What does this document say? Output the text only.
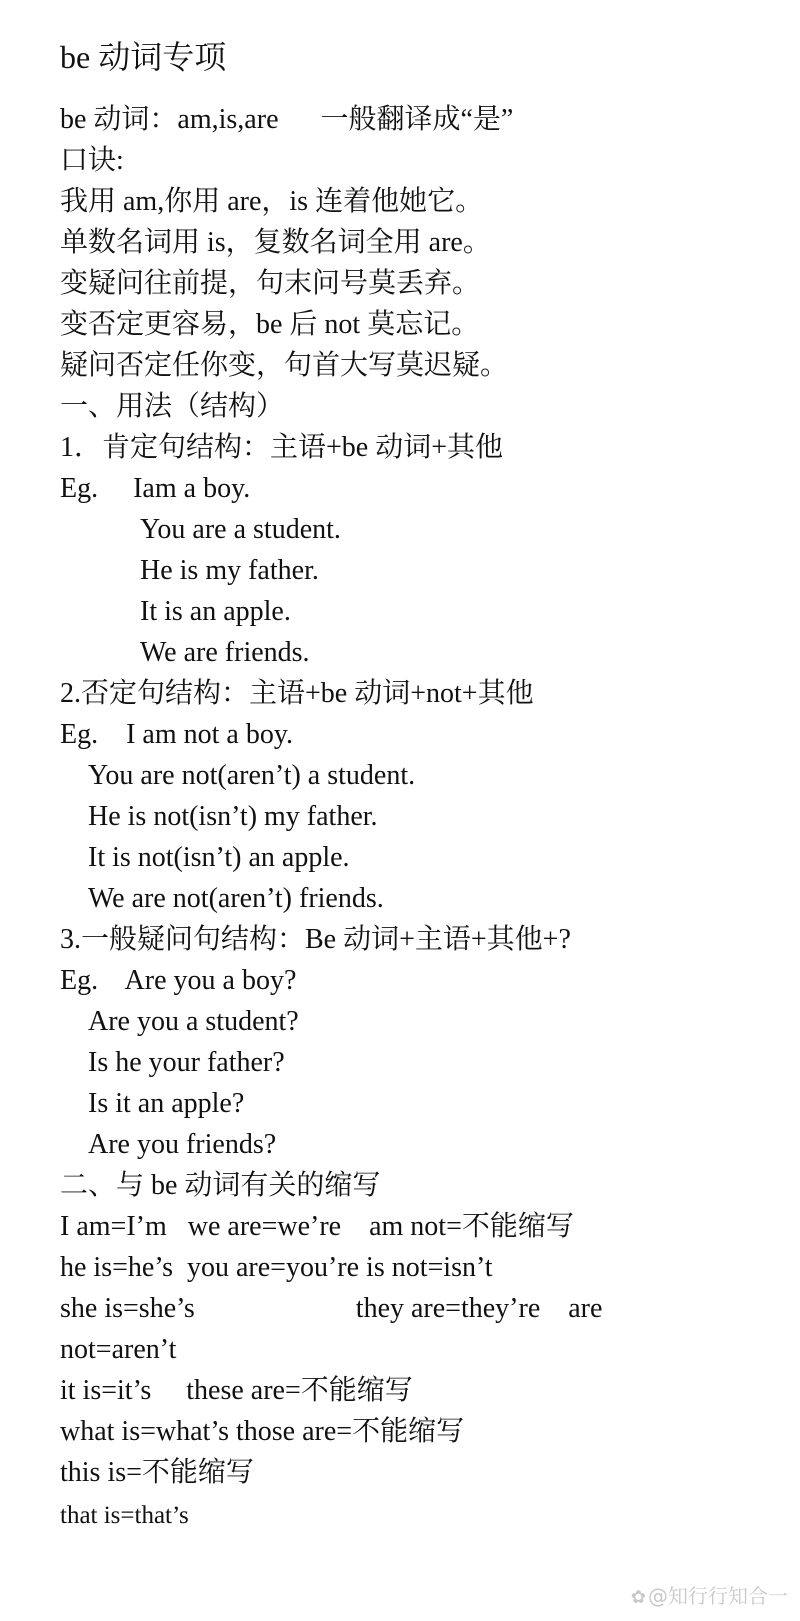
be 动词专项
be 动词：am,is,are      一般翻译成“是”
口诀:
我用 am,你用 are，is 连着他她它。
单数名词用 is，复数名词全用 are。
变疑问往前提，句末问号莫丢弃。
变否定更容易，be 后 not 莫忘记。
疑问否定任你变，句首大写莫迟疑。
一、用法（结构）
1．肯定句结构：主语+be 动词+其他
Eg.     Iam a boy.
You are a student.
He is my father.
It is an apple.
We are friends.
2.否定句结构：主语+be 动词+not+其他
Eg.    I am not a boy.
You are not(aren’t) a student.
He is not(isn’t) my father.
It is not(isn’t) an apple.
We are not(aren’t) friends.
3.一般疑问句结构：Be 动词+主语+其他+?
Eg.    Are you a boy?
Are you a student?
Is he your father?
Is it an apple?
Are you friends?
二、与 be 动词有关的缩写
I am=I’m   we are=we’re    am not=不能缩写
he is=he’s  you are=you’re is not=isn’t
she is=she’s                       they are=they’re    are
not=aren’t
it is=it’s     these are=不能缩写
what is=what’s those are=不能缩写
this is=不能缩写
that is=that’s
✿ @知行行知合一
